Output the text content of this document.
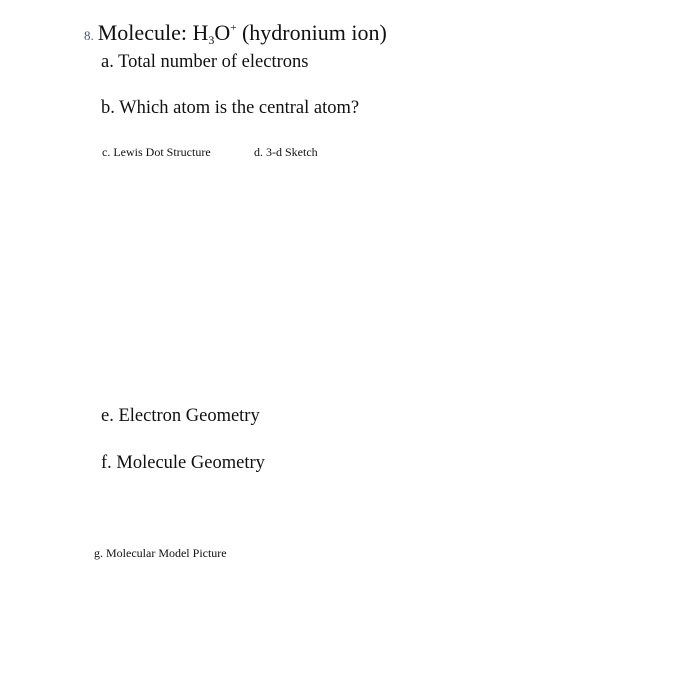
8. Molecule: $H_3O^+$ (hydronium ion)
a. Total number of electrons
b. Which atom is the central atom?
c. Lewis Dot Structure	d. 3-d Sketch
e. Electron Geometry
f. Molecule Geometry
g. Molecular Model Picture
